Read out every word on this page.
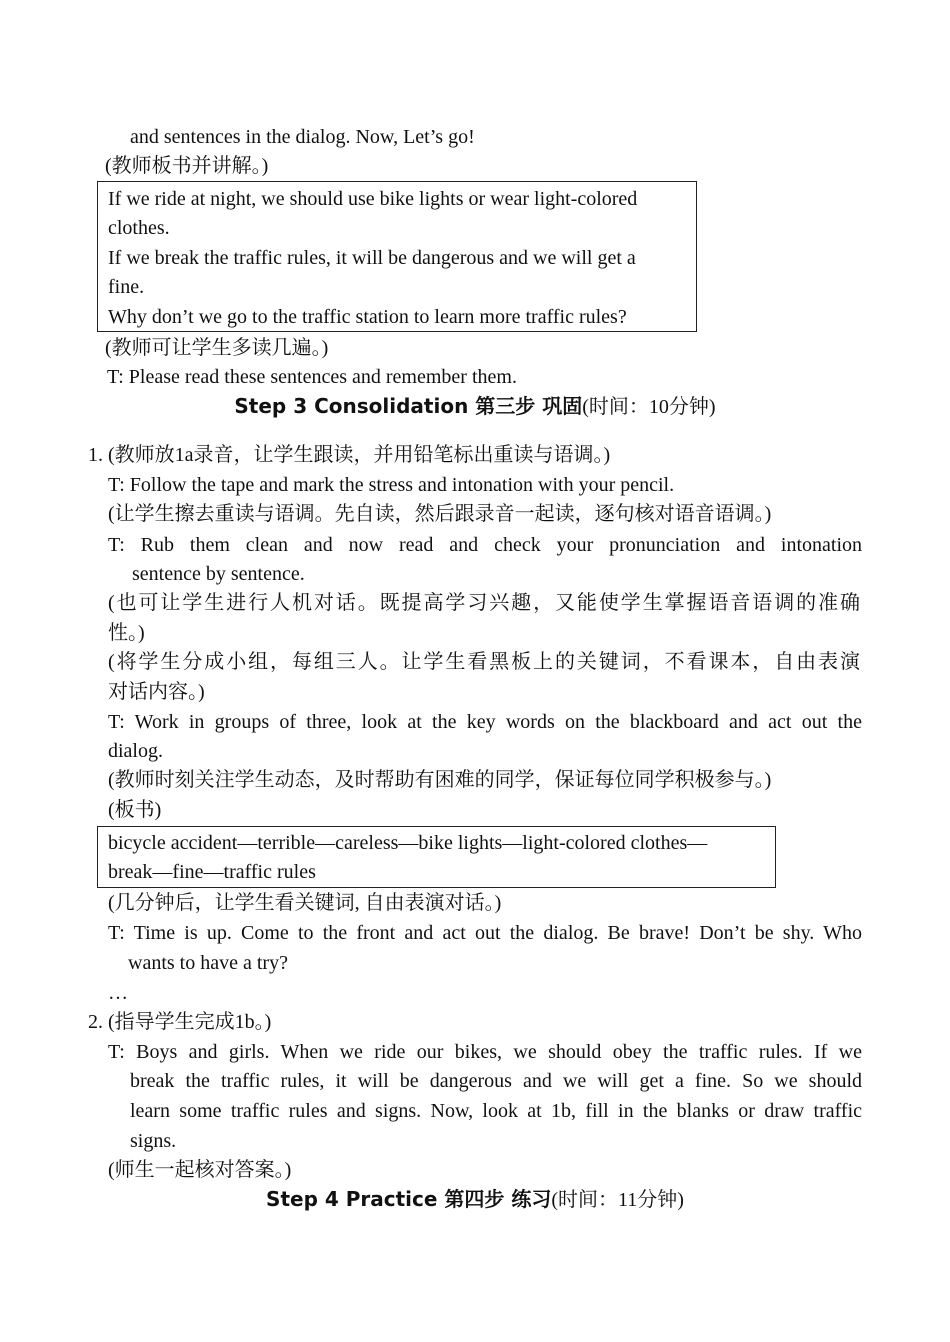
and sentences in the dialog. Now, Let’s go!
(教师板书并讲解。)
If we ride at night, we should use bike lights or wear light-colored
clothes.
If we break the traffic rules, it will be dangerous and we will get a
fine.
Why don’t we go to the traffic station to learn more traffic rules?
(教师可让学生多读几遍。)
T: Please read these sentences and remember them.
Step 3 Consolidation 第三步 巩固(时间：10分钟)
1. (教师放1a录音，让学生跟读，并用铅笔标出重读与语调。)
T: Follow the tape and mark the stress and intonation with your pencil.
(让学生擦去重读与语调。先自读，然后跟录音一起读，逐句核对语音语调。)
T: Rub them clean and now read and check your pronunciation and intonation
sentence by sentence.
(也可让学生进行人机对话。既提高学习兴趣，又能使学生掌握语音语调的准确
性。)
(将学生分成小组，每组三人。让学生看黑板上的关键词，不看课本，自由表演
对话内容。)
T: Work in groups of three, look at the key words on the blackboard and act out the
dialog.
(教师时刻关注学生动态，及时帮助有困难的同学，保证每位同学积极参与。)
(板书)
bicycle accident—terrible—careless—bike lights—light-colored clothes—
break—fine—traffic rules
(几分钟后，让学生看关键词, 自由表演对话。)
T: Time is up. Come to the front and act out the dialog. Be brave! Don’t be shy. Who
wants to have a try?
…
2. (指导学生完成1b。)
T: Boys and girls. When we ride our bikes, we should obey the traffic rules. If we
break the traffic rules, it will be dangerous and we will get a fine. So we should
learn some traffic rules and signs. Now, look at 1b, fill in the blanks or draw traffic
signs.
(师生一起核对答案。)
Step 4 Practice 第四步 练习(时间：11分钟)
